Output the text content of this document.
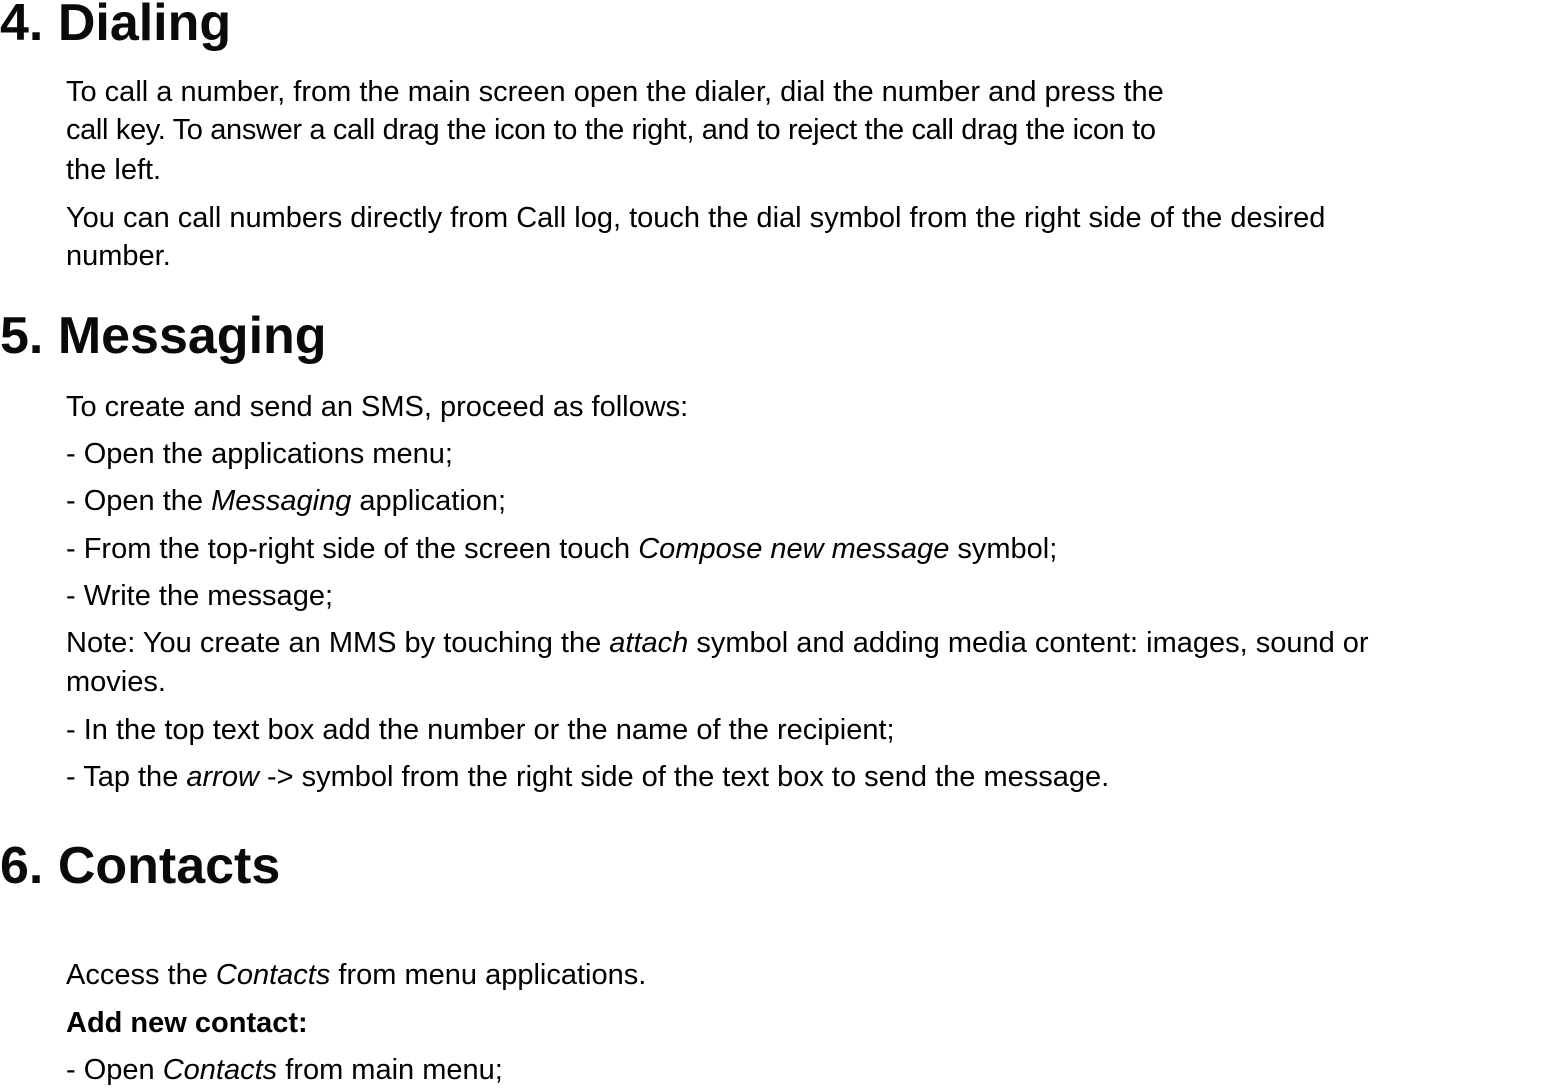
4. Dialing

To call a number, from the main screen open the dialer, dial the number and press the

call key. To answer a call drag the icon to the right, and to reject the call drag the icon to

the left.

You can call numbers directly from Call log, touch the dial symbol from the right side of the desired

number.

5. Messaging

To create and send an SMS, proceed as follows:

- Open the applications menu;

- Open the Messaging application;

- From the top-right side of the screen touch Compose new message symbol;

- Write the message;

Note: You create an MMS by touching the attach symbol and adding media content: images, sound or

movies.

- In the top text box add the number or the name of the recipient;

- Tap the arrow -> symbol from the right side of the text box to send the message.

6. Contacts

Access the Contacts from menu applications.

Add new contact:

- Open Contacts from main menu;
